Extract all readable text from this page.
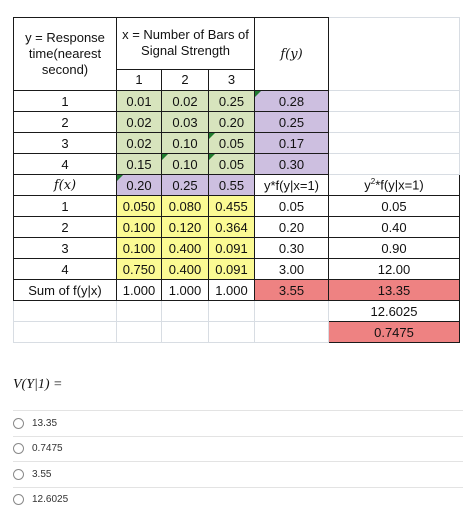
y = Response time(nearest second)	x = Number of Bars of Signal Strength			f(y)	
	1	2	3		
1	0.01	0.02	0.25	0.28	
2	0.02	0.03	0.20	0.25	
3	0.02	0.10	0.05	0.17	
4	0.15	0.10	0.05	0.30	
f(x)	0.20	0.25	0.55	y*f(y|x=1)	$y^2*f(y|x=1)$
1	0.050	0.080	0.455	0.05	0.05
2	0.100	0.120	0.364	0.20	0.40
3	0.100	0.400	0.091	0.30	0.90
4	0.750	0.400	0.091	3.00	12.00
Sum of f(y|x)	1.000	1.000	1.000	3.55	13.35
					12.6025
					0.7475
V(Y|1) =
13.35
0.7475
3.55
12.6025
